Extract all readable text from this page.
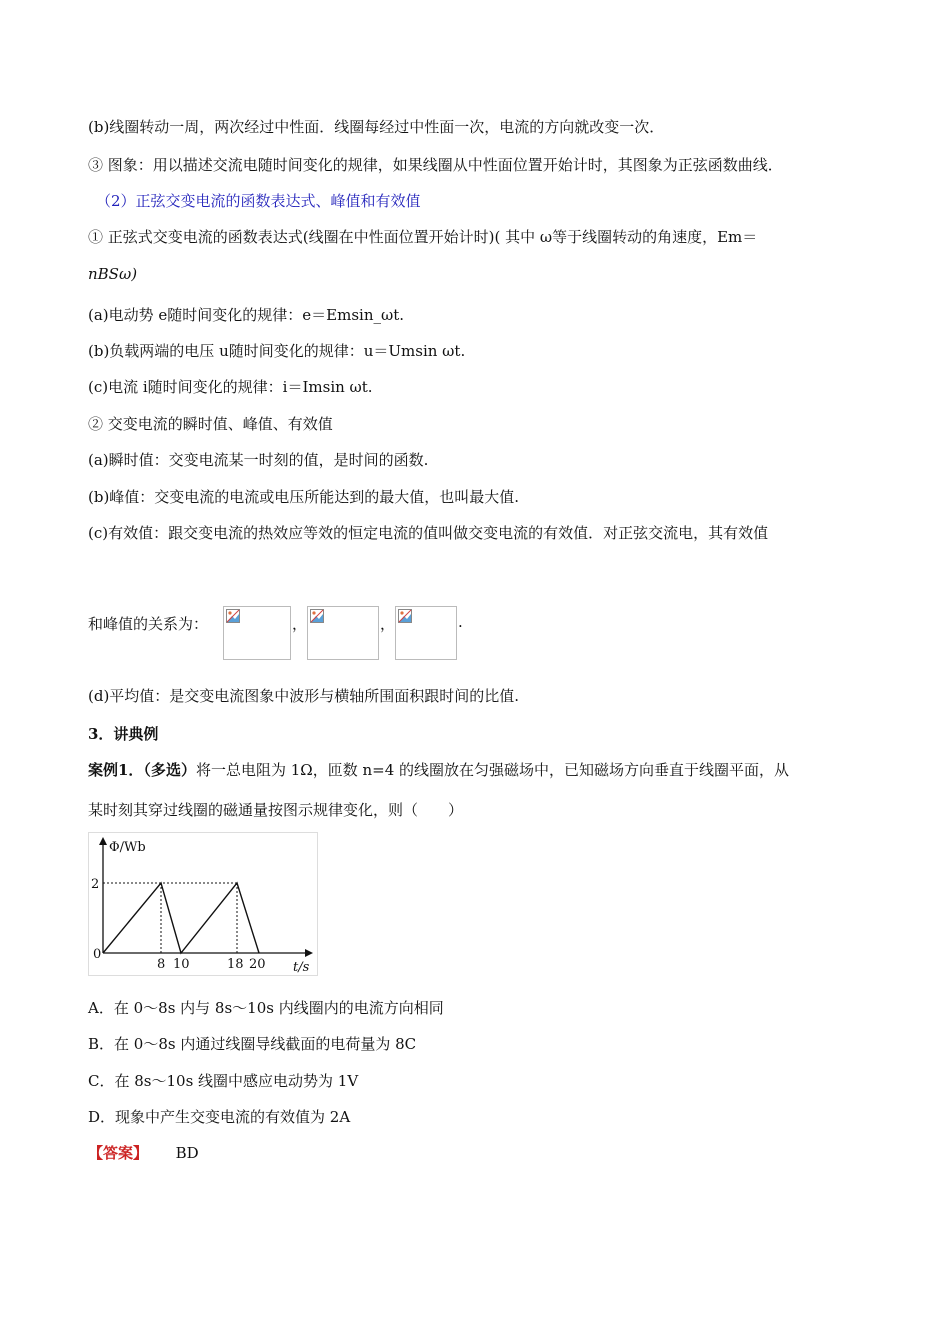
(b)线圈转动一周，两次经过中性面．线圈每经过中性面一次，电流的方向就改变一次．
③ 图象：用以描述交流电随时间变化的规律，如果线圈从中性面位置开始计时，其图象为正弦函数曲线．
（2）正弦交变电流的函数表达式、峰值和有效值
① 正弦式交变电流的函数表达式(线圈在中性面位置开始计时)( 其中 ω等于线圈转动的角速度，Em＝
nBSω)
(a)电动势 e随时间变化的规律：e＝Emsin_ωt.
(b)负载两端的电压 u随时间变化的规律：u＝Umsin ωt.
(c)电流 i随时间变化的规律：i＝Imsin ωt.
② 交变电流的瞬时值、峰值、有效值
(a)瞬时值：交变电流某一时刻的值，是时间的函数.
(b)峰值：交变电流的电流或电压所能达到的最大值，也叫最大值.
(c)有效值：跟交变电流的热效应等效的恒定电流的值叫做交变电流的有效值．对正弦交流电，其有效值
和峰值的关系为：	，	，	.
(d)平均值：是交变电流图象中波形与横轴所围面积跟时间的比值.
3．讲典例
案例1．（多选）将一总电阻为 1Ω，匝数 n=4 的线圈放在匀强磁场中，已知磁场方向垂直于线圈平面，从
某时刻其穿过线圈的磁通量按图示规律变化，则（　　）
Φ/Wb
2
0
8 10	18 20 t/s
A．在 0～8s 内与 8s～10s 内线圈内的电流方向相同
B．在 0～8s 内通过线圈导线截面的电荷量为 8C
C．在 8s～10s 线圈中感应电动势为 1V
D．现象中产生交变电流的有效值为 2A
【答案】 BD
